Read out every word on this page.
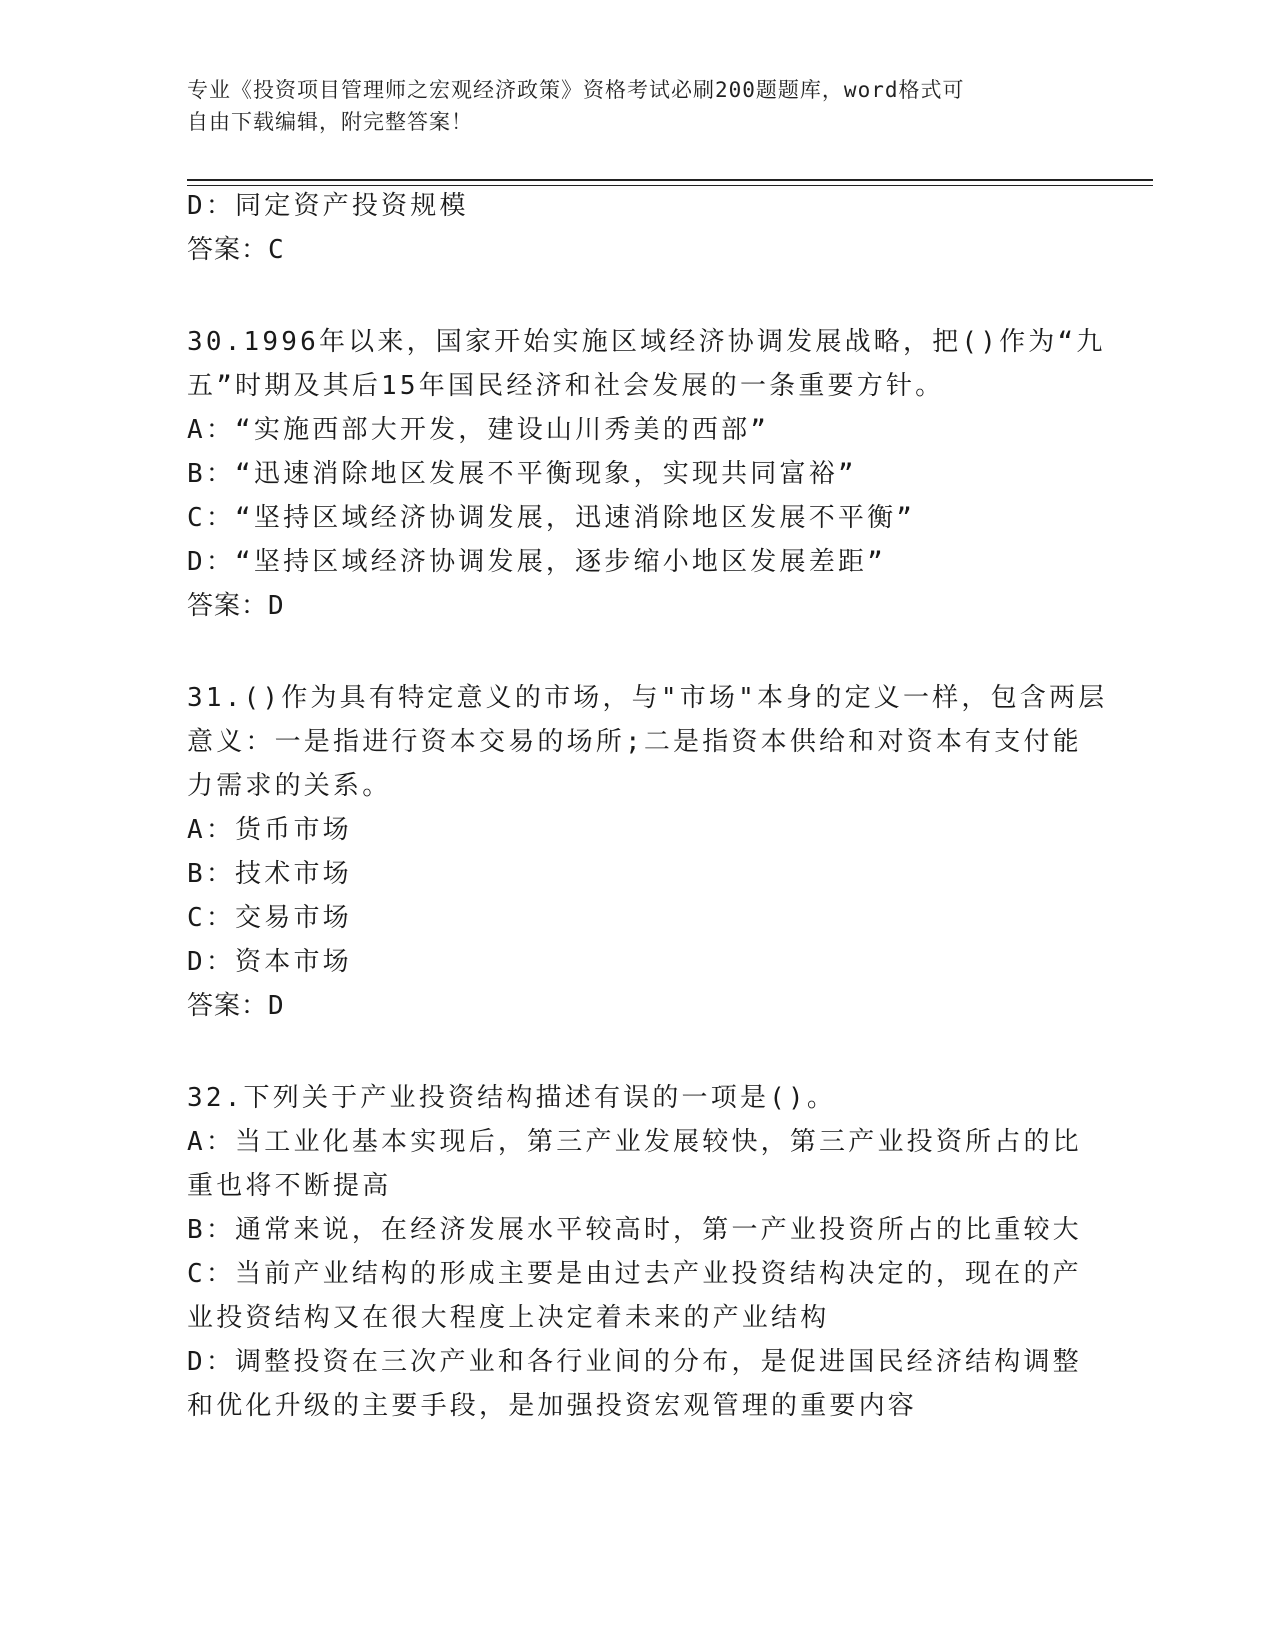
专业《投资项目管理师之宏观经济政策》资格考试必刷200题题库，word格式可
自由下载编辑，附完整答案！
D：同定资产投资规模
答案：C
30.1996年以来，国家开始实施区域经济协调发展战略，把()作为“九
五”时期及其后15年国民经济和社会发展的一条重要方针。
A：“实施西部大开发，建设山川秀美的西部”
B：“迅速消除地区发展不平衡现象，实现共同富裕”
C：“坚持区域经济协调发展，迅速消除地区发展不平衡”
D：“坚持区域经济协调发展，逐步缩小地区发展差距”
答案：D
31.()作为具有特定意义的市场，与"市场"本身的定义一样，包含两层
意义：一是指进行资本交易的场所;二是指资本供给和对资本有支付能
力需求的关系。
A：货币市场
B：技术市场
C：交易市场
D：资本市场
答案：D
32.下列关于产业投资结构描述有误的一项是()。
A：当工业化基本实现后，第三产业发展较快，第三产业投资所占的比
重也将不断提高
B：通常来说，在经济发展水平较高时，第一产业投资所占的比重较大
C：当前产业结构的形成主要是由过去产业投资结构决定的，现在的产
业投资结构又在很大程度上决定着未来的产业结构
D：调整投资在三次产业和各行业间的分布，是促进国民经济结构调整
和优化升级的主要手段，是加强投资宏观管理的重要内容
